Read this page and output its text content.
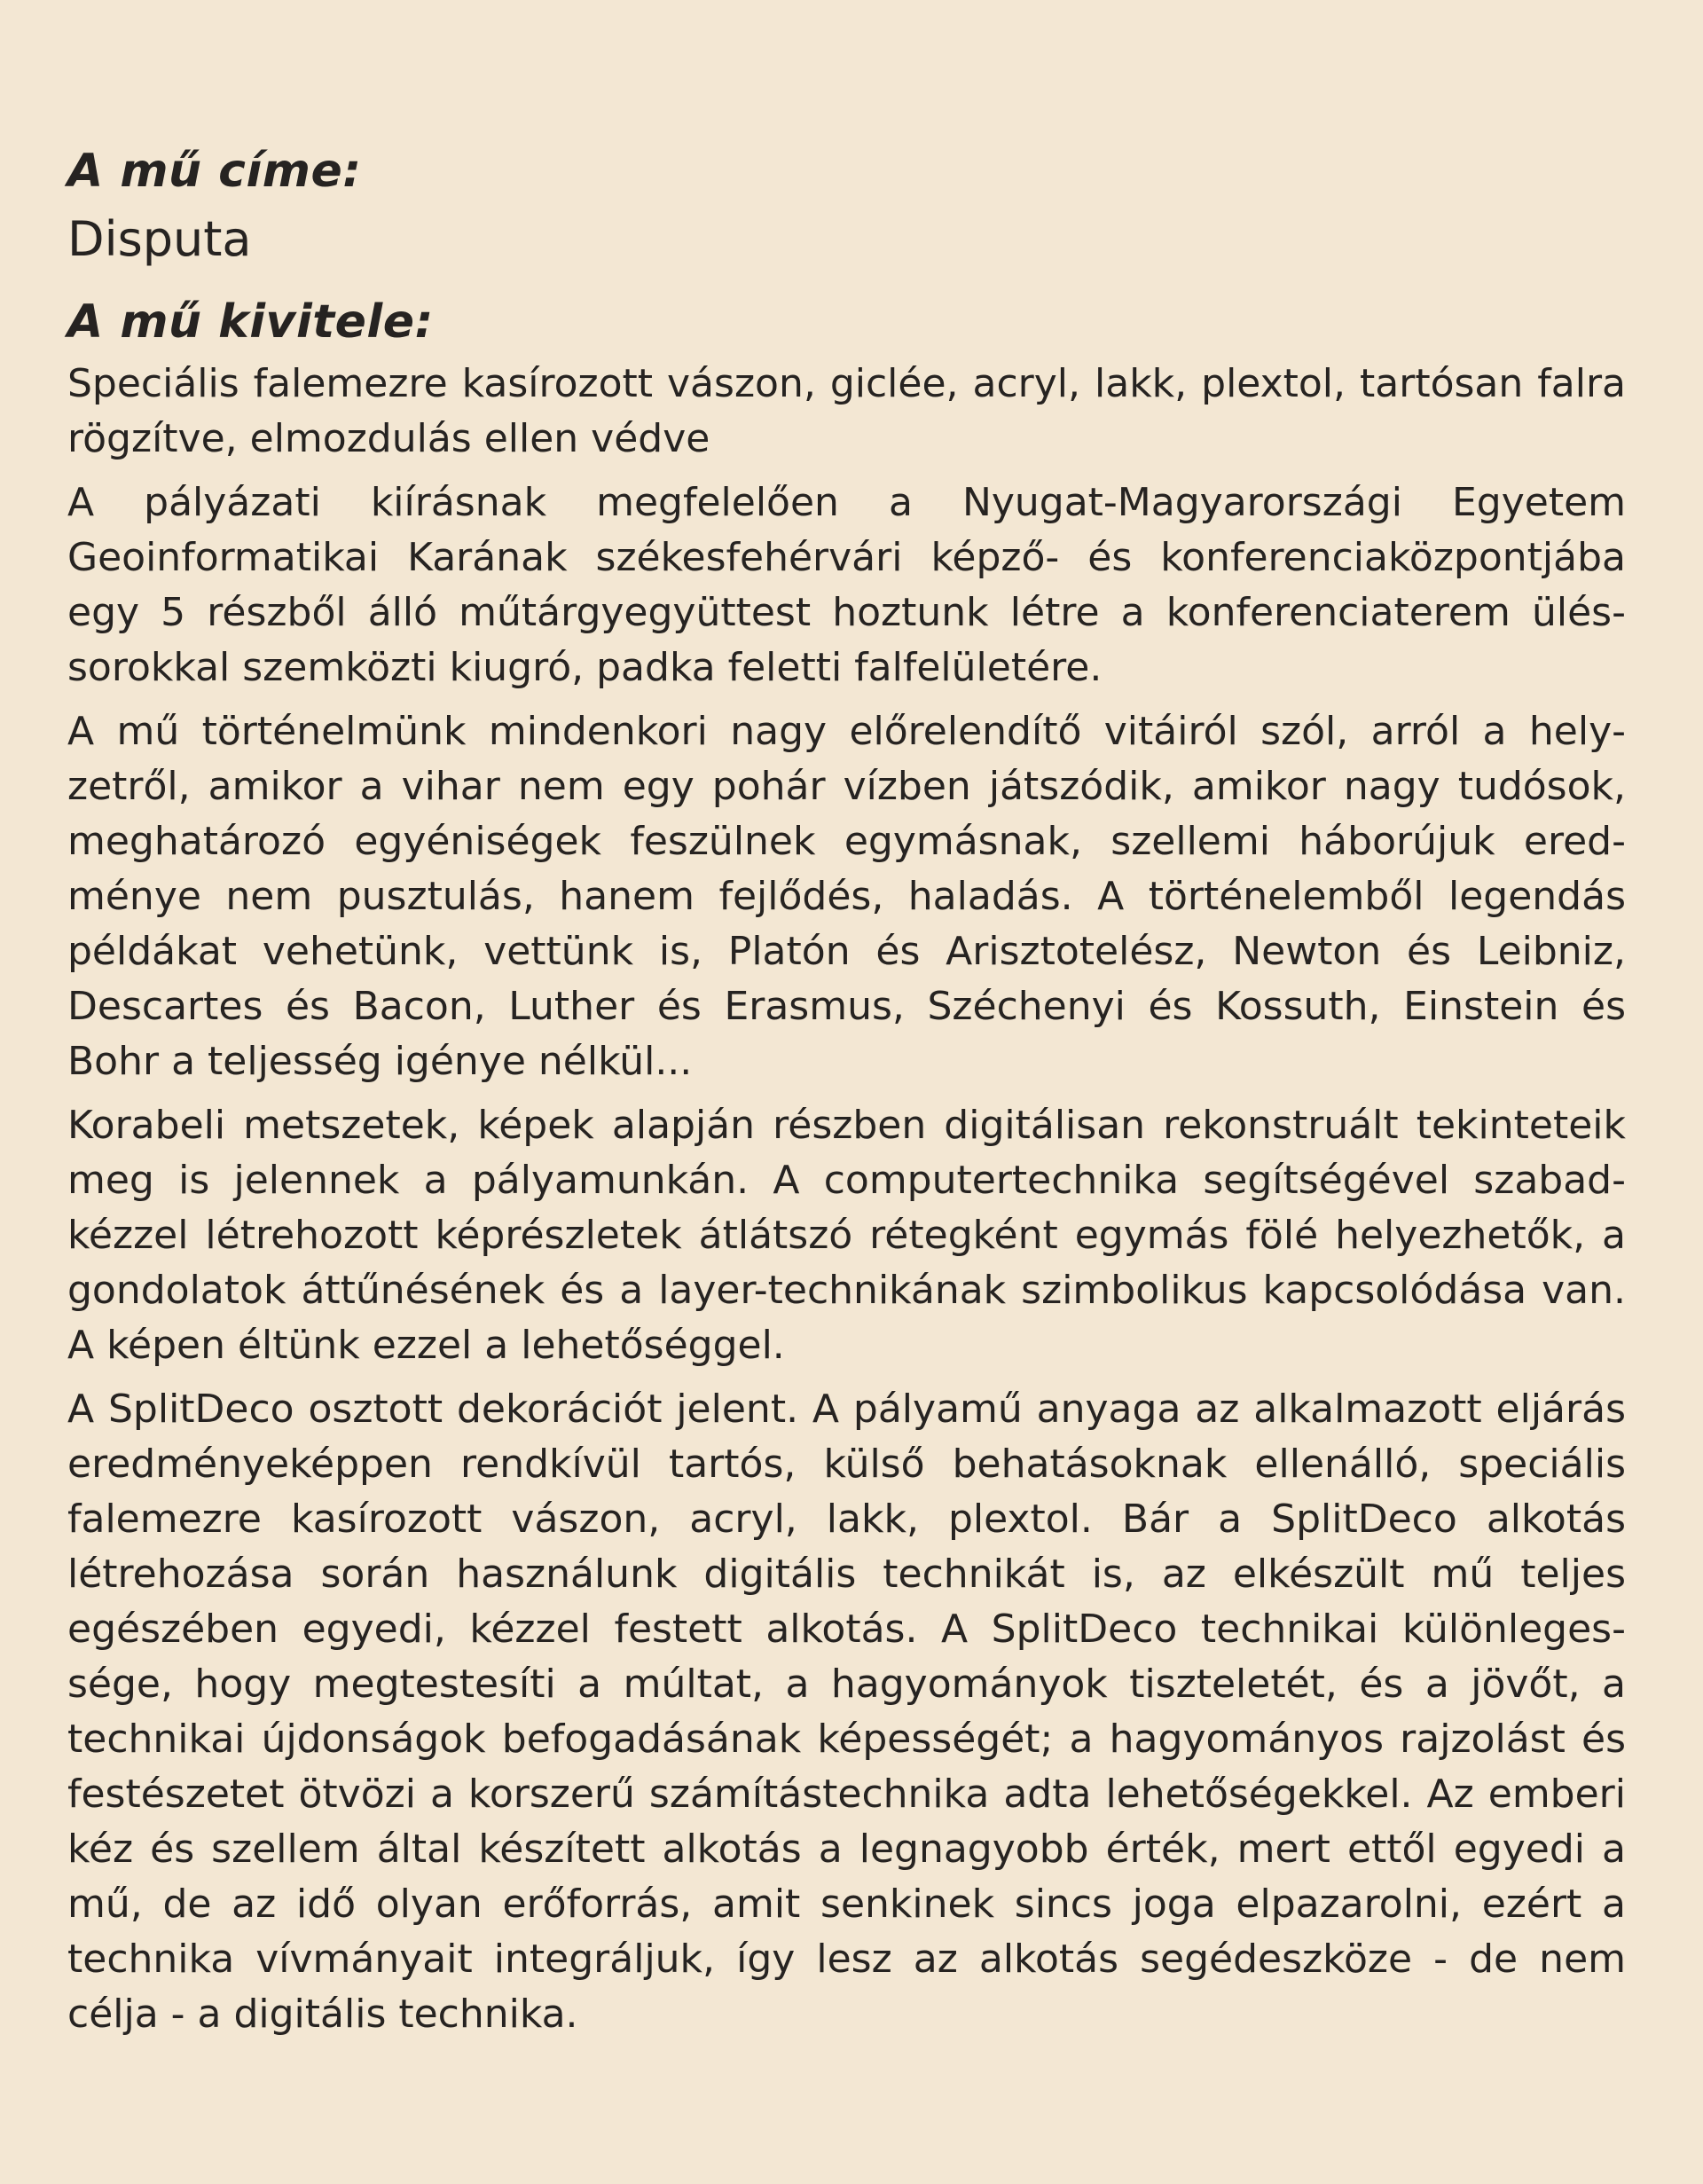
A mű címe:
Disputa
A mű kivitele:

Speciális falemezre kasírozott vászon, giclée, acryl, lakk, plextol, tartósan falra rögzítve, elmozdulás ellen védve

A pályázati kiírásnak megfelelően a Nyugat-Magyarországi Egyetem Geoinformatikai Karának székesfehérvári képző- és konferenciaközpontjába egy 5 részből álló műtárgyegyüttest hoztunk létre a konferenciaterem üléssorokkal szemközti kiugró, padka feletti falfelületére.

A mű történelmünk mindenkori nagy előrelendítő vitáiról szól, arról a helyzetről, amikor a vihar nem egy pohár vízben játszódik, amikor nagy tudósok, meghatározó egyéniségek feszülnek egymásnak, szellemi háborújuk eredménye nem pusztulás, hanem fejlődés, haladás. A történelemből legendás példákat vehetünk, vettünk is, Platón és Arisztotelész, Newton és Leibniz, Descartes és Bacon, Luther és Erasmus, Széchenyi és Kossuth, Einstein és Bohr a teljesség igénye nélkül...

Korabeli metszetek, képek alapján részben digitálisan rekonstruált tekinteteik meg is jelennek a pályamunkán. A computertechnika segítségével szabadkézzel létrehozott képrészletek átlátszó rétegként egymás fölé helyezhetők, a gondolatok áttűnésének és a layer-technikának szimbolikus kapcsolódása van. A képen éltünk ezzel a lehetőséggel.

A SplitDeco osztott dekorációt jelent. A pályamű anyaga az alkalmazott eljárás eredményeképpen rendkívül tartós, külső behatásoknak ellenálló, speciális falemezre kasírozott vászon, acryl, lakk, plextol. Bár a SplitDeco alkotás létrehozása során használunk digitális technikát is, az elkészült mű teljes egészében egyedi, kézzel festett alkotás. A SplitDeco technikai különlegessége, hogy megtestesíti a múltat, a hagyományok tiszteletét, és a jövőt, a technikai újdonságok befogadásának képességét; a hagyományos rajzolást és festészetet ötvözi a korszerű számítástechnika adta lehetőségekkel. Az emberi kéz és szellem által készített alkotás a legnagyobb érték, mert ettől egyedi a mű, de az idő olyan erőforrás, amit senkinek sincs joga elpazarolni, ezért a technika vívmányait integráljuk, így lesz az alkotás segédeszköze - de nem célja - a digitális technika.
